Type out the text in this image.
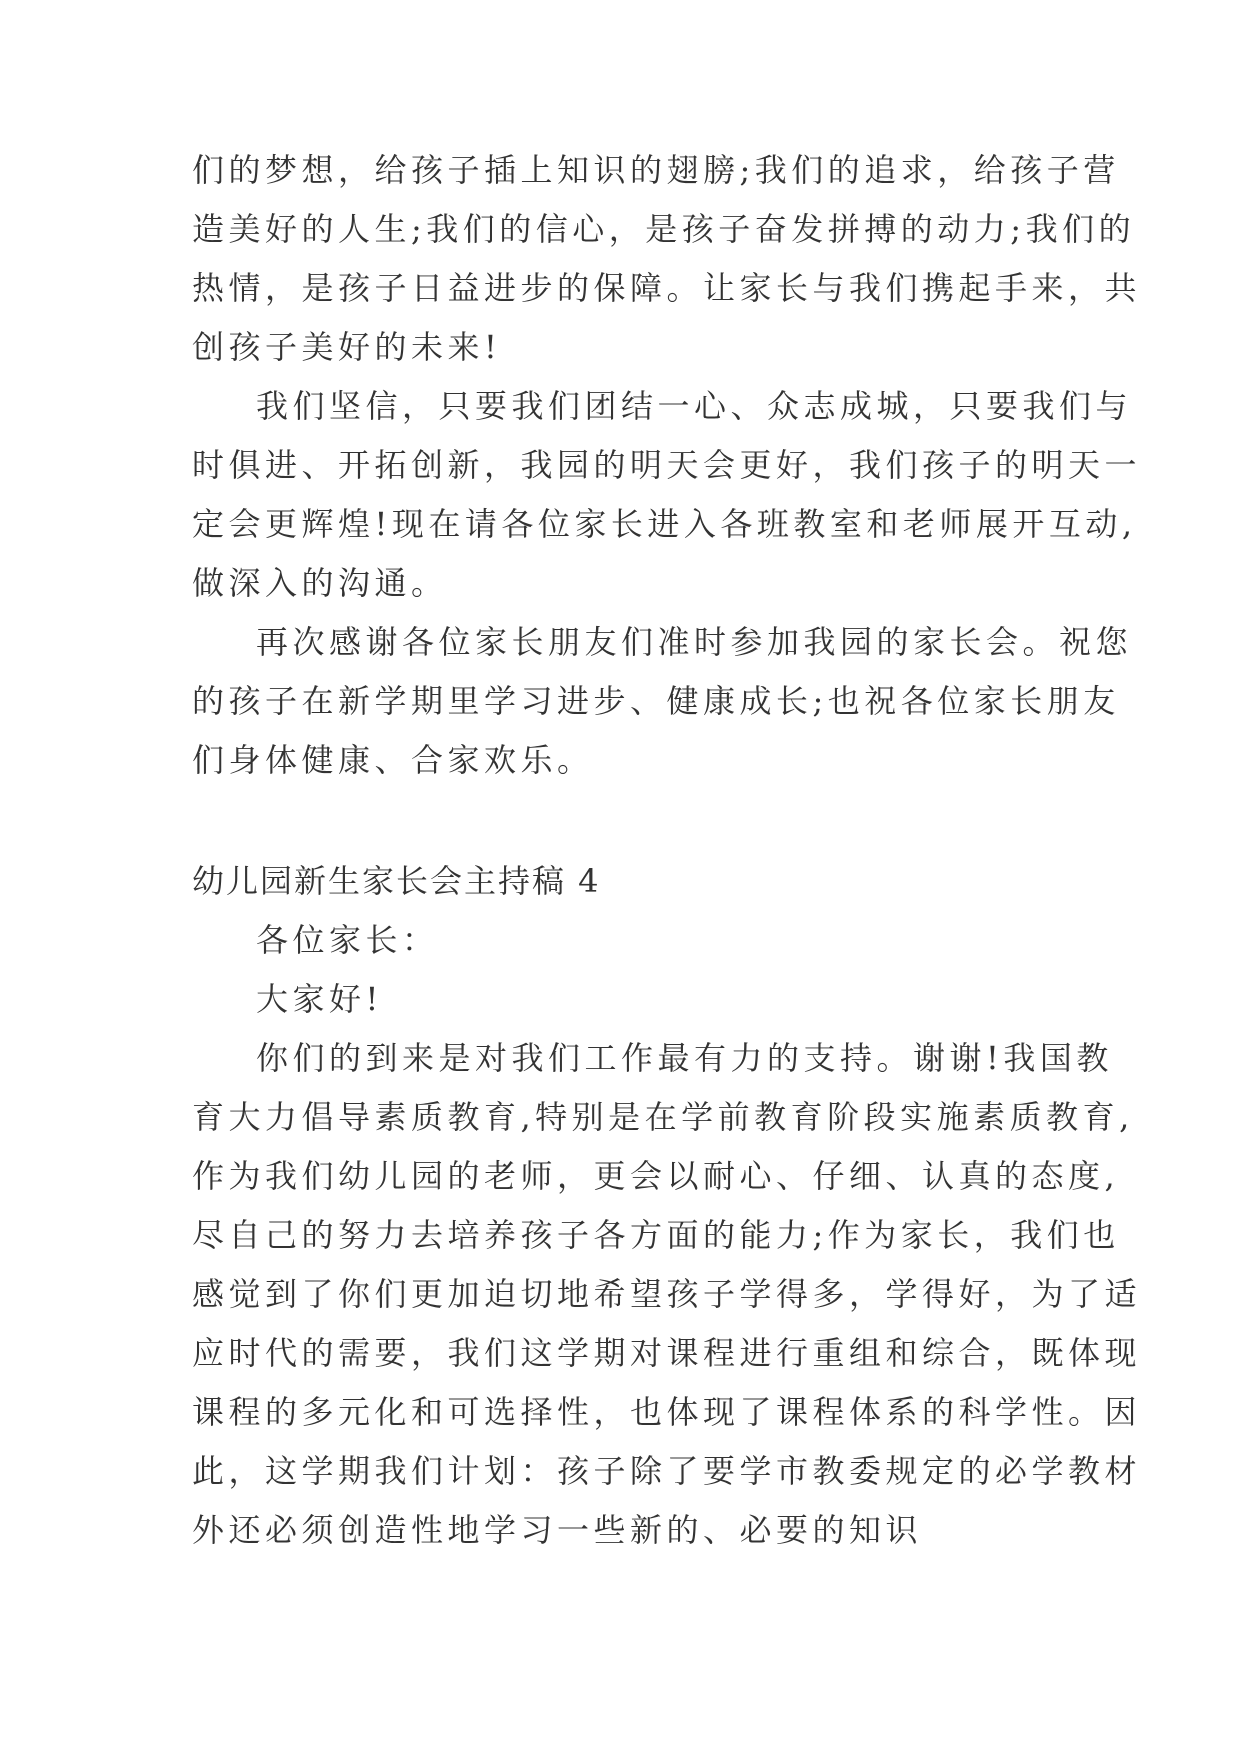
们的梦想，给孩子插上知识的翅膀;我们的追求，给孩子营
造美好的人生;我们的信心，是孩子奋发拼搏的动力;我们的
热情，是孩子日益进步的保障。让家长与我们携起手来，共
创孩子美好的未来!
我们坚信，只要我们团结一心、众志成城，只要我们与
时俱进、开拓创新，我园的明天会更好，我们孩子的明天一
定会更辉煌!现在请各位家长进入各班教室和老师展开互动,
做深入的沟通。
再次感谢各位家长朋友们准时参加我园的家长会。祝您
的孩子在新学期里学习进步、健康成长;也祝各位家长朋友
们身体健康、合家欢乐。
幼儿园新生家长会主持稿 4
各位家长：
大家好!
你们的到来是对我们工作最有力的支持。谢谢!我国教
育大力倡导素质教育,特别是在学前教育阶段实施素质教育,
作为我们幼儿园的老师，更会以耐心、仔细、认真的态度,
尽自己的努力去培养孩子各方面的能力;作为家长，我们也
感觉到了你们更加迫切地希望孩子学得多，学得好，为了适
应时代的需要，我们这学期对课程进行重组和综合，既体现
课程的多元化和可选择性，也体现了课程体系的科学性。因
此，这学期我们计划：孩子除了要学市教委规定的必学教材
外还必须创造性地学习一些新的、必要的知识
